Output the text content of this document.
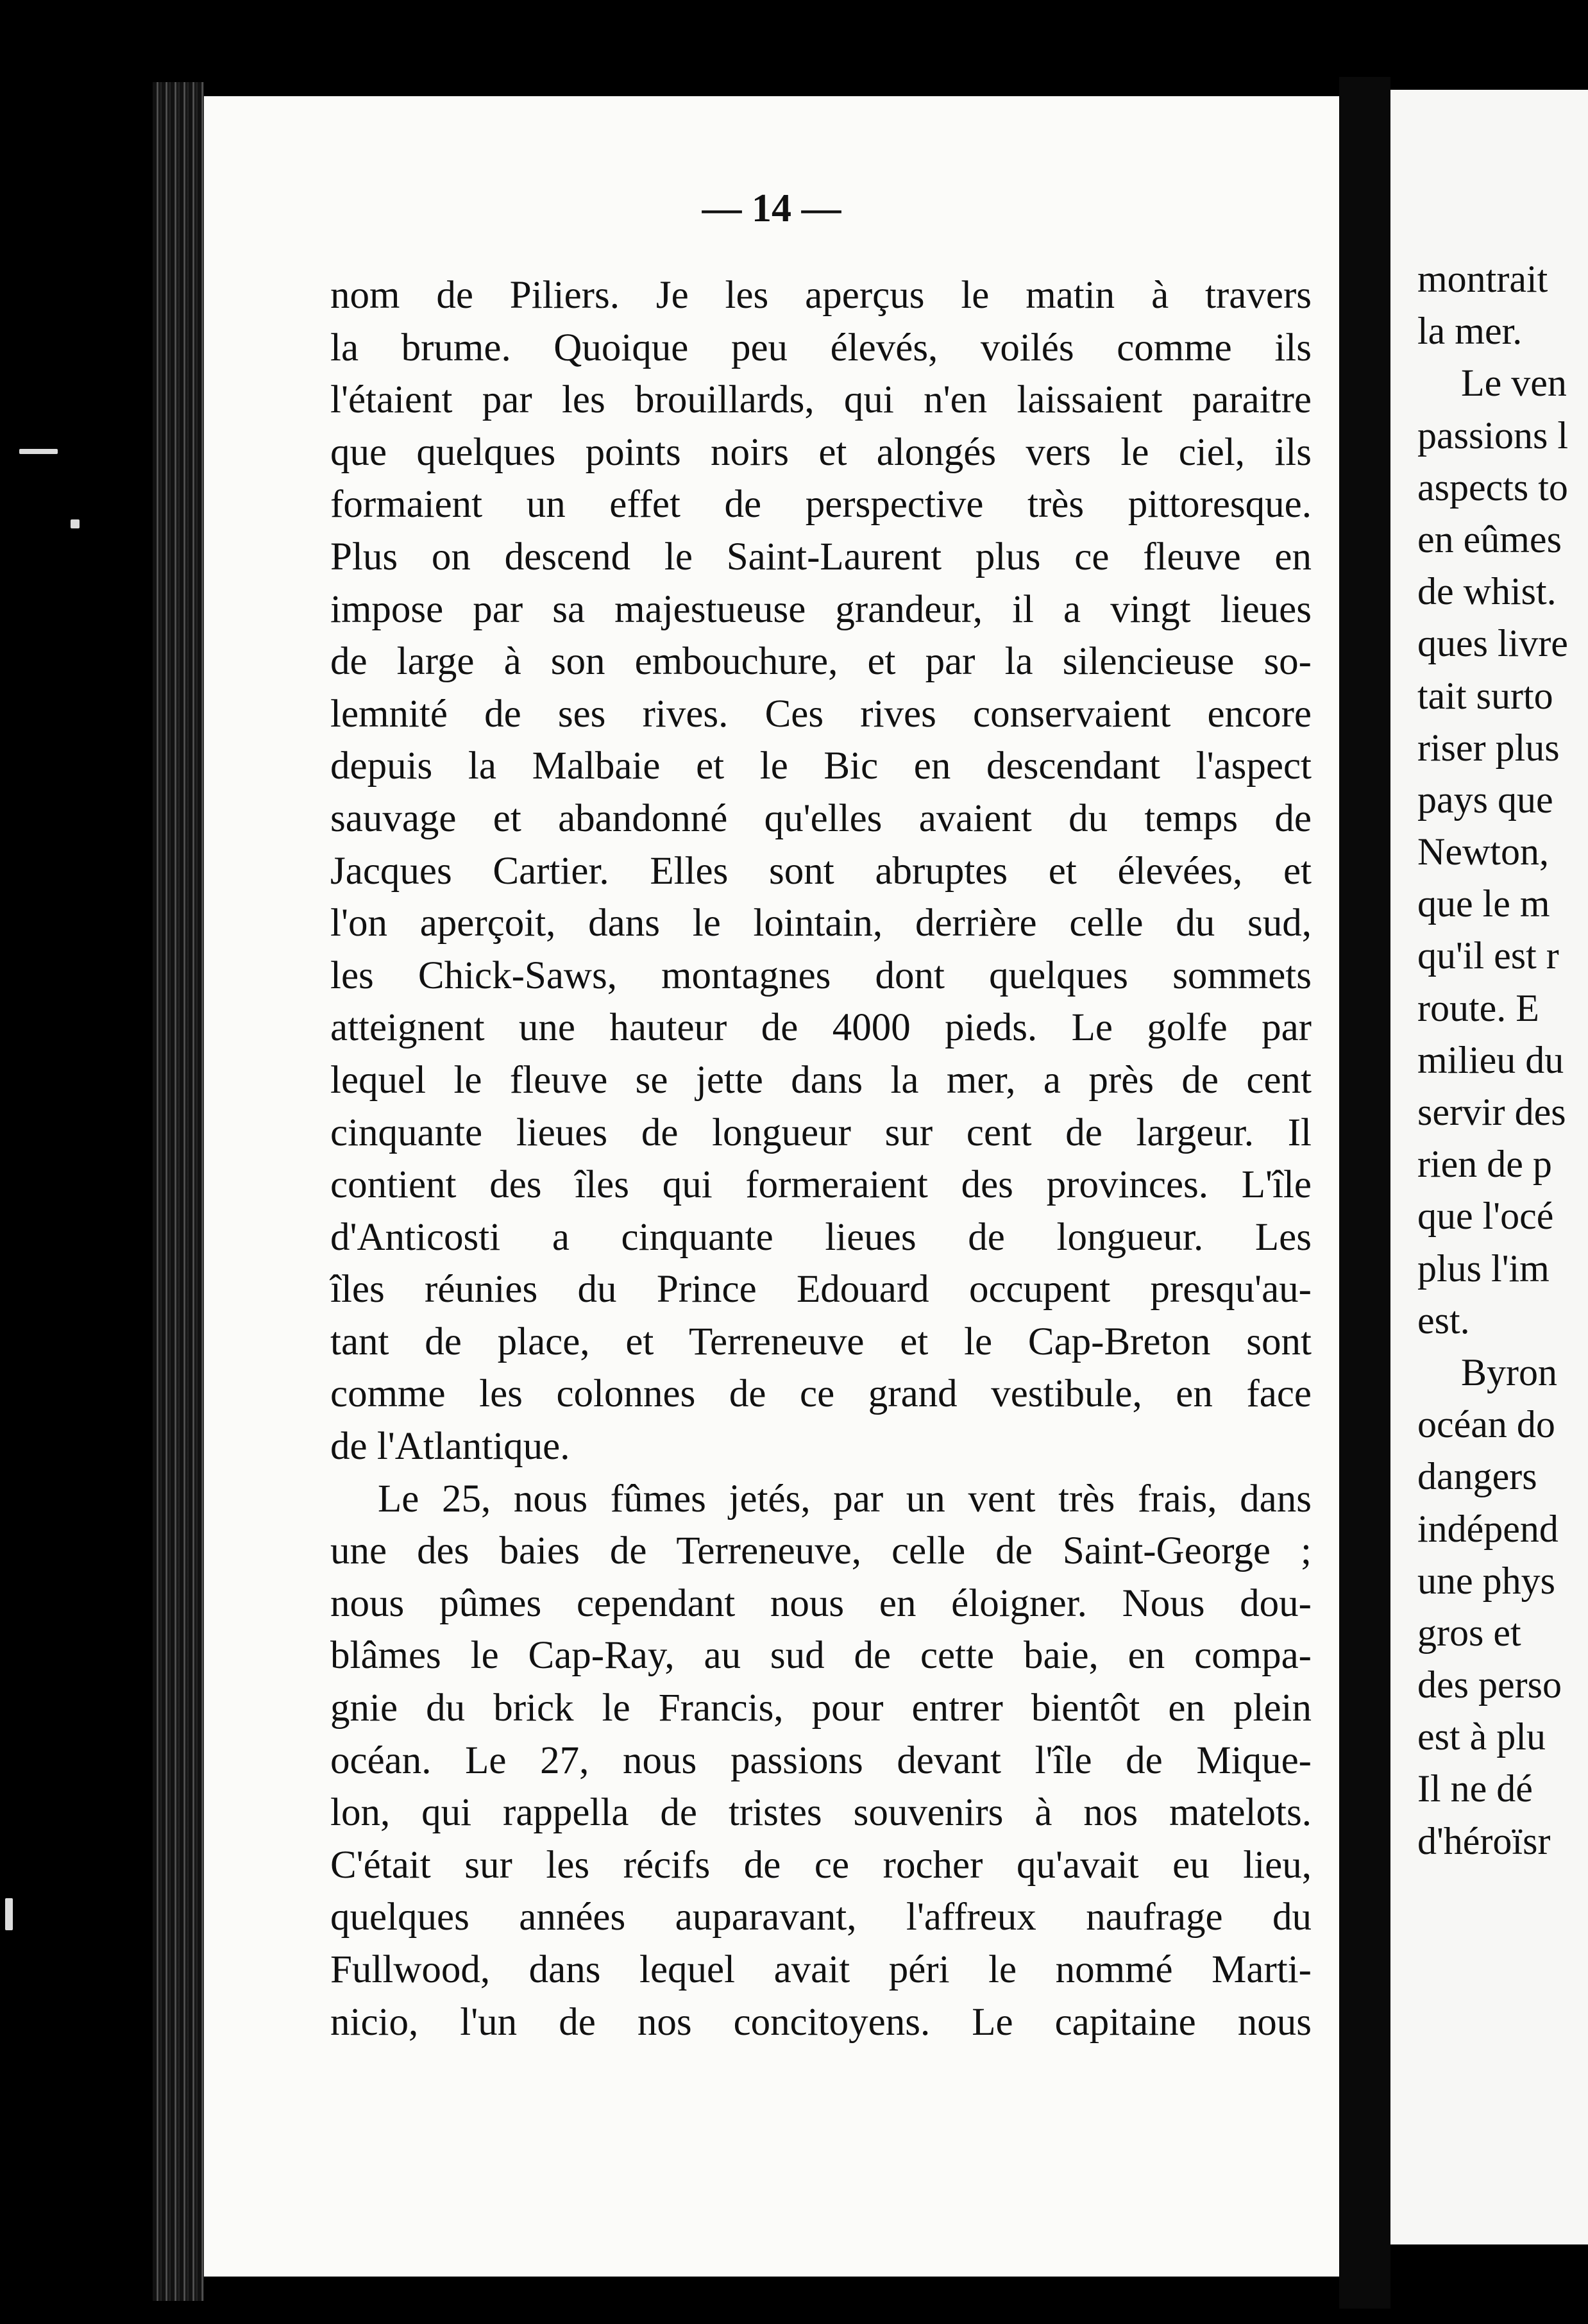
— 14 —
nom de Piliers. Je les aperçus le matin à travers
la brume. Quoique peu élevés, voilés comme ils
l'étaient par les brouillards, qui n'en laissaient paraitre
que quelques points noirs et alongés vers le ciel, ils
formaient un effet de perspective très pittoresque.
Plus on descend le Saint-Laurent plus ce fleuve en
impose par sa majestueuse grandeur, il a vingt lieues
de large à son embouchure, et par la silencieuse so-
lemnité de ses rives. Ces rives conservaient encore
depuis la Malbaie et le Bic en descendant l'aspect
sauvage et abandonné qu'elles avaient du temps de
Jacques Cartier. Elles sont abruptes et élevées, et
l'on aperçoit, dans le lointain, derrière celle du sud,
les Chick-Saws, montagnes dont quelques sommets
atteignent une hauteur de 4000 pieds. Le golfe par
lequel le fleuve se jette dans la mer, a près de cent
cinquante lieues de longueur sur cent de largeur. Il
contient des îles qui formeraient des provinces. L'île
d'Anticosti a cinquante lieues de longueur. Les
îles réunies du Prince Edouard occupent presqu'au-
tant de place, et Terreneuve et le Cap-Breton sont
comme les colonnes de ce grand vestibule, en face
de l'Atlantique.
Le 25, nous fûmes jetés, par un vent très frais, dans
une des baies de Terreneuve, celle de Saint-George ;
nous pûmes cependant nous en éloigner. Nous dou-
blâmes le Cap-Ray, au sud de cette baie, en compa-
gnie du brick le Francis, pour entrer bientôt en plein
océan. Le 27, nous passions devant l'île de Mique-
lon, qui rappella de tristes souvenirs à nos matelots.
C'était sur les récifs de ce rocher qu'avait eu lieu,
quelques années auparavant, l'affreux naufrage du
Fullwood, dans lequel avait péri le nommé Marti-
nicio, l'un de nos concitoyens. Le capitaine nous
montrait
la mer.
Le ven
passions l
aspects to
en eûmes
de whist.
ques livre
tait surto
riser plus
pays que
Newton,
que le m
qu'il est r
route. E
milieu du
servir des
rien de p
que l'océ
plus l'im
est.
Byron
océan do
dangers
indépend
une phys
gros et
des perso
est à plu
Il ne dé
d'héroïsr
